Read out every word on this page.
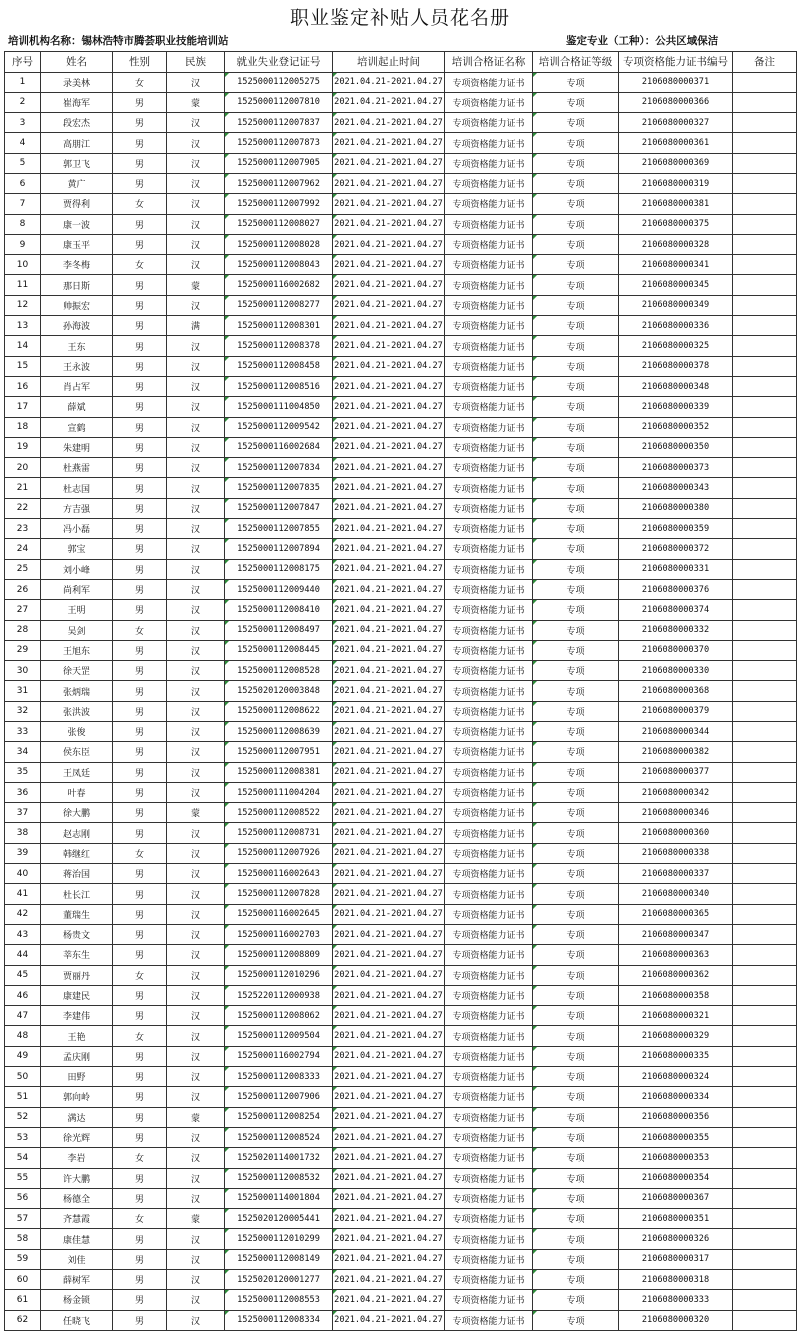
职业鉴定补贴人员花名册
培训机构名称：锡林浩特市腾荟职业技能培训站	鉴定专业（工种）：公共区域保洁
序号	姓名	性别	民族	就业失业登记证号	培训起止时间	培训合格证名称	培训合格证等级	专项资格能力证书编号	备注
1	录美林	女	汉	1525000112005275	2021.04.21-2021.04.27	专项资格能力证书	专项	2106080000371	
2	崔海军	男	蒙	1525000112007810	2021.04.21-2021.04.27	专项资格能力证书	专项	2106080000366	
3	段宏杰	男	汉	1525000112007837	2021.04.21-2021.04.27	专项资格能力证书	专项	2106080000327	
4	高朋江	男	汉	1525000112007873	2021.04.21-2021.04.27	专项资格能力证书	专项	2106080000361	
5	郭卫飞	男	汉	1525000112007905	2021.04.21-2021.04.27	专项资格能力证书	专项	2106080000369	
6	黄广	男	汉	1525000112007962	2021.04.21-2021.04.27	专项资格能力证书	专项	2106080000319	
7	贾得利	女	汉	1525000112007992	2021.04.21-2021.04.27	专项资格能力证书	专项	2106080000381	
8	康一波	男	汉	1525000112008027	2021.04.21-2021.04.27	专项资格能力证书	专项	2106080000375	
9	康玉平	男	汉	1525000112008028	2021.04.21-2021.04.27	专项资格能力证书	专项	2106080000328	
10	李冬梅	女	汉	1525000112008043	2021.04.21-2021.04.27	专项资格能力证书	专项	2106080000341	
11	那日斯	男	蒙	1525000116002682	2021.04.21-2021.04.27	专项资格能力证书	专项	2106080000345	
12	帅振宏	男	汉	1525000112008277	2021.04.21-2021.04.27	专项资格能力证书	专项	2106080000349	
13	孙海波	男	满	1525000112008301	2021.04.21-2021.04.27	专项资格能力证书	专项	2106080000336	
14	王东	男	汉	1525000112008378	2021.04.21-2021.04.27	专项资格能力证书	专项	2106080000325	
15	王永波	男	汉	1525000112008458	2021.04.21-2021.04.27	专项资格能力证书	专项	2106080000378	
16	肖占军	男	汉	1525000112008516	2021.04.21-2021.04.27	专项资格能力证书	专项	2106080000348	
17	薛斌	男	汉	1525000111004850	2021.04.21-2021.04.27	专项资格能力证书	专项	2106080000339	
18	宣鹤	男	汉	1525000112009542	2021.04.21-2021.04.27	专项资格能力证书	专项	2106080000352	
19	朱建明	男	汉	1525000116002684	2021.04.21-2021.04.27	专项资格能力证书	专项	2106080000350	
20	杜燕雷	男	汉	1525000112007834	2021.04.21-2021.04.27	专项资格能力证书	专项	2106080000373	
21	杜志国	男	汉	1525000112007835	2021.04.21-2021.04.27	专项资格能力证书	专项	2106080000343	
22	方吉强	男	汉	1525000112007847	2021.04.21-2021.04.27	专项资格能力证书	专项	2106080000380	
23	冯小磊	男	汉	1525000112007855	2021.04.21-2021.04.27	专项资格能力证书	专项	2106080000359	
24	郭宝	男	汉	1525000112007894	2021.04.21-2021.04.27	专项资格能力证书	专项	2106080000372	
25	刘小峰	男	汉	1525000112008175	2021.04.21-2021.04.27	专项资格能力证书	专项	2106080000331	
26	尚利军	男	汉	1525000112009440	2021.04.21-2021.04.27	专项资格能力证书	专项	2106080000376	
27	王明	男	汉	1525000112008410	2021.04.21-2021.04.27	专项资格能力证书	专项	2106080000374	
28	吴剑	女	汉	1525000112008497	2021.04.21-2021.04.27	专项资格能力证书	专项	2106080000332	
29	王旭东	男	汉	1525000112008445	2021.04.21-2021.04.27	专项资格能力证书	专项	2106080000370	
30	徐天罡	男	汉	1525000112008528	2021.04.21-2021.04.27	专项资格能力证书	专项	2106080000330	
31	张炳瑞	男	汉	1525020120003848	2021.04.21-2021.04.27	专项资格能力证书	专项	2106080000368	
32	张洪波	男	汉	1525000112008622	2021.04.21-2021.04.27	专项资格能力证书	专项	2106080000379	
33	张俊	男	汉	1525000112008639	2021.04.21-2021.04.27	专项资格能力证书	专项	2106080000344	
34	侯东臣	男	汉	1525000112007951	2021.04.21-2021.04.27	专项资格能力证书	专项	2106080000382	
35	王凤廷	男	汉	1525000112008381	2021.04.21-2021.04.27	专项资格能力证书	专项	2106080000377	
36	叶春	男	汉	1525000111004204	2021.04.21-2021.04.27	专项资格能力证书	专项	2106080000342	
37	徐大鹏	男	蒙	1525000112008522	2021.04.21-2021.04.27	专项资格能力证书	专项	2106080000346	
38	赵志刚	男	汉	1525000112008731	2021.04.21-2021.04.27	专项资格能力证书	专项	2106080000360	
39	韩继红	女	汉	1525000112007926	2021.04.21-2021.04.27	专项资格能力证书	专项	2106080000338	
40	蒋治国	男	汉	1525000116002643	2021.04.21-2021.04.27	专项资格能力证书	专项	2106080000337	
41	杜长江	男	汉	1525000112007828	2021.04.21-2021.04.27	专项资格能力证书	专项	2106080000340	
42	董瑞生	男	汉	1525000116002645	2021.04.21-2021.04.27	专项资格能力证书	专项	2106080000365	
43	杨贵文	男	汉	1525000116002703	2021.04.21-2021.04.27	专项资格能力证书	专项	2106080000347	
44	莘东生	男	汉	1525000112008809	2021.04.21-2021.04.27	专项资格能力证书	专项	2106080000363	
45	贾丽丹	女	汉	1525000112010296	2021.04.21-2021.04.27	专项资格能力证书	专项	2106080000362	
46	康建民	男	汉	1525220112000938	2021.04.21-2021.04.27	专项资格能力证书	专项	2106080000358	
47	李建伟	男	汉	1525000112008062	2021.04.21-2021.04.27	专项资格能力证书	专项	2106080000321	
48	王艳	女	汉	1525000112009504	2021.04.21-2021.04.27	专项资格能力证书	专项	2106080000329	
49	孟庆刚	男	汉	1525000116002794	2021.04.21-2021.04.27	专项资格能力证书	专项	2106080000335	
50	田野	男	汉	1525000112008333	2021.04.21-2021.04.27	专项资格能力证书	专项	2106080000324	
51	郭向岭	男	汉	1525000112007906	2021.04.21-2021.04.27	专项资格能力证书	专项	2106080000334	
52	满达	男	蒙	1525000112008254	2021.04.21-2021.04.27	专项资格能力证书	专项	2106080000356	
53	徐光辉	男	汉	1525000112008524	2021.04.21-2021.04.27	专项资格能力证书	专项	2106080000355	
54	李岩	女	汉	1525020114001732	2021.04.21-2021.04.27	专项资格能力证书	专项	2106080000353	
55	许大鹏	男	汉	1525000112008532	2021.04.21-2021.04.27	专项资格能力证书	专项	2106080000354	
56	杨德全	男	汉	1525000114001804	2021.04.21-2021.04.27	专项资格能力证书	专项	2106080000367	
57	齐慧霞	女	蒙	1525020120005441	2021.04.21-2021.04.27	专项资格能力证书	专项	2106080000351	
58	康佳慧	男	汉	1525000112010299	2021.04.21-2021.04.27	专项资格能力证书	专项	2106080000326	
59	刘佳	男	汉	1525000112008149	2021.04.21-2021.04.27	专项资格能力证书	专项	2106080000317	
60	薛树军	男	汉	1525020120001277	2021.04.21-2021.04.27	专项资格能力证书	专项	2106080000318	
61	杨金锁	男	汉	1525000112008553	2021.04.21-2021.04.27	专项资格能力证书	专项	2106080000333	
62	任晓飞	男	汉	1525000112008334	2021.04.21-2021.04.27	专项资格能力证书	专项	2106080000320	
